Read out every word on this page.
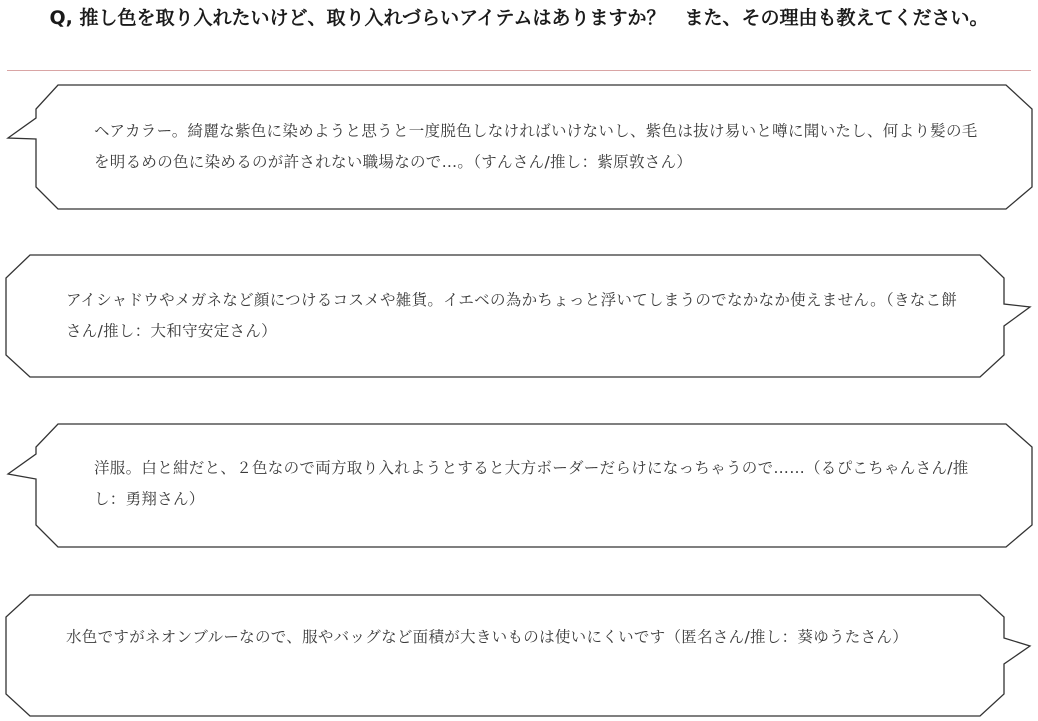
Q, 推し色を取り入れたいけど、取り入れづらいアイテムはありますか？　また、その理由も教えてください。

ヘアカラー。綺麗な紫色に染めようと思うと一度脱色しなければいけないし、紫色は抜け易いと噂に聞いたし、何より髪の毛を明るめの色に染めるのが許されない職場なので…。（すんさん/推し：紫原敦さん）

アイシャドウやメガネなど顔につけるコスメや雑貨。イエベの為かちょっと浮いてしまうのでなかなか使えません。（きなこ餅さん/推し：大和守安定さん）

洋服。白と紺だと、２色なので両方取り入れようとすると大方ボーダーだらけになっちゃうので……（るぴこちゃんさん/推し：勇翔さん）

水色ですがネオンブルーなので、服やバッグなど面積が大きいものは使いにくいです（匿名さん/推し：葵ゆうたさん）
